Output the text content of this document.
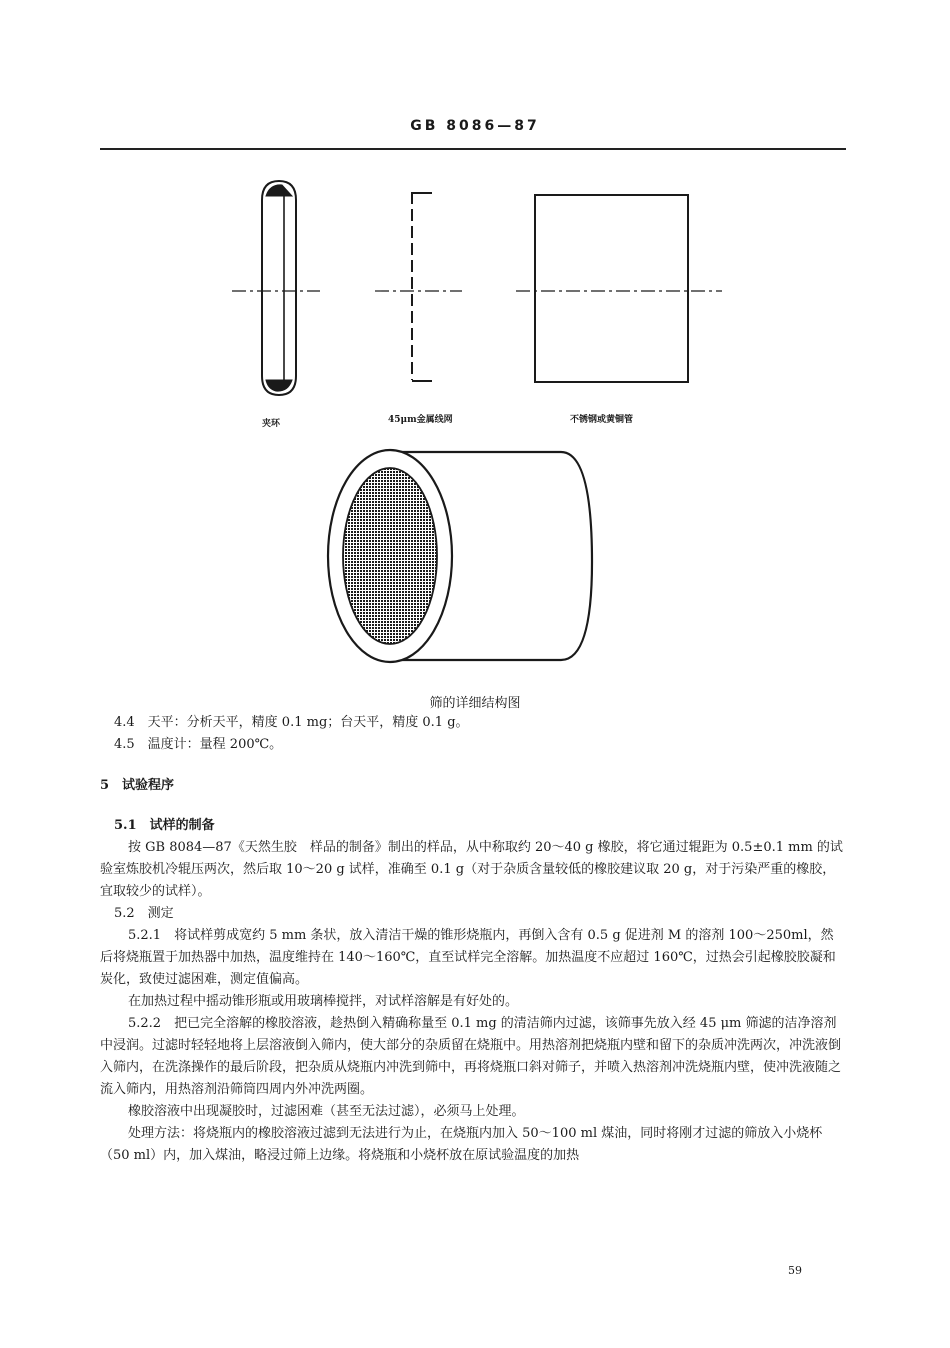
GB 8086—87
夹环	45μm金属线网	不锈钢或黄铜管
筛的详细结构图

4.4　天平：分析天平，精度 0.1 mg；台天平，精度 0.1 g。

4.5　温度计：量程 200℃。

5　试验程序

5.1　试样的制备

按 GB 8084—87《天然生胶　样品的制备》制出的样品，从中称取约 20～40 g 橡胶，将它通过辊距为 0.5±0.1 mm 的试验室炼胶机冷辊压两次，然后取 10～20 g 试样，准确至 0.1 g（对于杂质含量较低的橡胶建议取 20 g，对于污染严重的橡胶，宜取较少的试样）。

5.2　测定

5.2.1　将试样剪成宽约 5 mm 条状，放入清洁干燥的锥形烧瓶内，再倒入含有 0.5 g 促进剂 M 的溶剂 100～250ml，然后将烧瓶置于加热器中加热，温度维持在 140～160℃，直至试样完全溶解。加热温度不应超过 160℃，过热会引起橡胶胶凝和炭化，致使过滤困难，测定值偏高。

在加热过程中摇动锥形瓶或用玻璃棒搅拌，对试样溶解是有好处的。

5.2.2　把已完全溶解的橡胶溶液，趁热倒入精确称量至 0.1 mg 的清洁筛内过滤，该筛事先放入经 45 μm 筛滤的洁净溶剂中浸润。过滤时轻轻地将上层溶液倒入筛内，使大部分的杂质留在烧瓶中。用热溶剂把烧瓶内壁和留下的杂质冲洗两次，冲洗液倒入筛内，在洗涤操作的最后阶段，把杂质从烧瓶内冲洗到筛中，再将烧瓶口斜对筛子，并喷入热溶剂冲洗烧瓶内壁，使冲洗液随之流入筛内，用热溶剂沿筛筒四周内外冲洗两圈。

橡胶溶液中出现凝胶时，过滤困难（甚至无法过滤），必须马上处理。

处理方法：将烧瓶内的橡胶溶液过滤到无法进行为止，在烧瓶内加入 50～100 ml 煤油，同时将刚才过滤的筛放入小烧杯（50 ml）内，加入煤油，略浸过筛上边缘。将烧瓶和小烧杯放在原试验温度的加热

59
